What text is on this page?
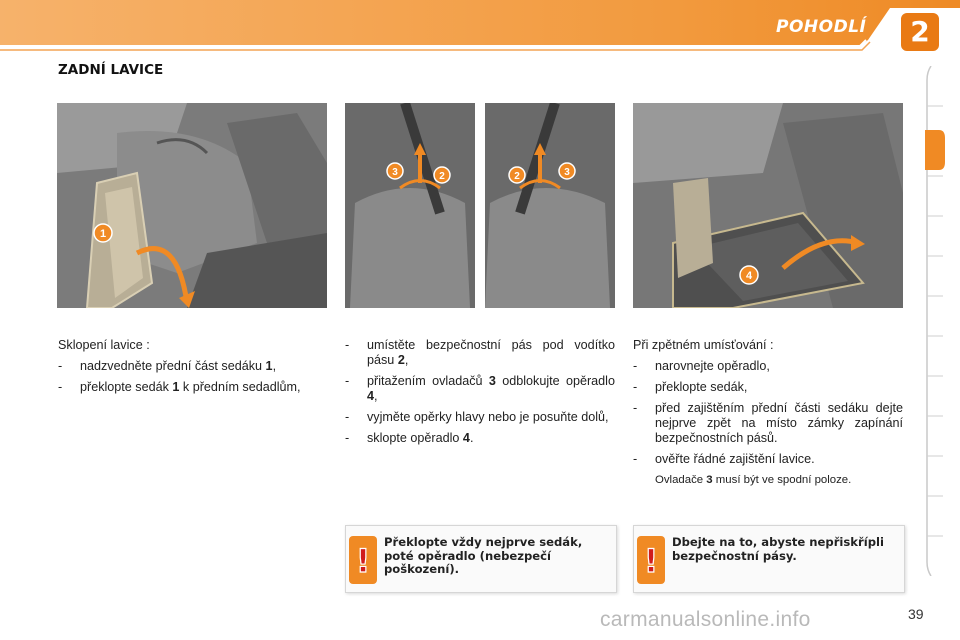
POHODLÍ	2
ZADNÍ LAVICE
1
3	2	2	3
4

Sklopení lavice :

- nadzvedněte přední část sedáku 1,
- překlopte sedák 1 k předním sedadlům,
- umístěte bezpečnostní pás pod vodítko pásu 2,
- přitažením ovladačů 3 odblokujte opěradlo 4,
- vyjměte opěrky hlavy nebo je posuňte dolů,
- sklopte opěradlo 4.

Při zpětném umísťování :

- narovnejte opěradlo,
- překlopte sedák,
- před zajištěním přední části sedáku dejte nejprve zpět na místo zámky zapínání bezpečnostních pásů.
- ověřte řádné zajištění lavice.
Ovladače 3 musí být ve spodní poloze.
! Překlopte vždy nejprve sedák, poté opěradlo (nebezpečí poškození).	! Dbejte na to, abyste nepřiskřípli bezpečnostní pásy.
carmanualsonline.info	39
